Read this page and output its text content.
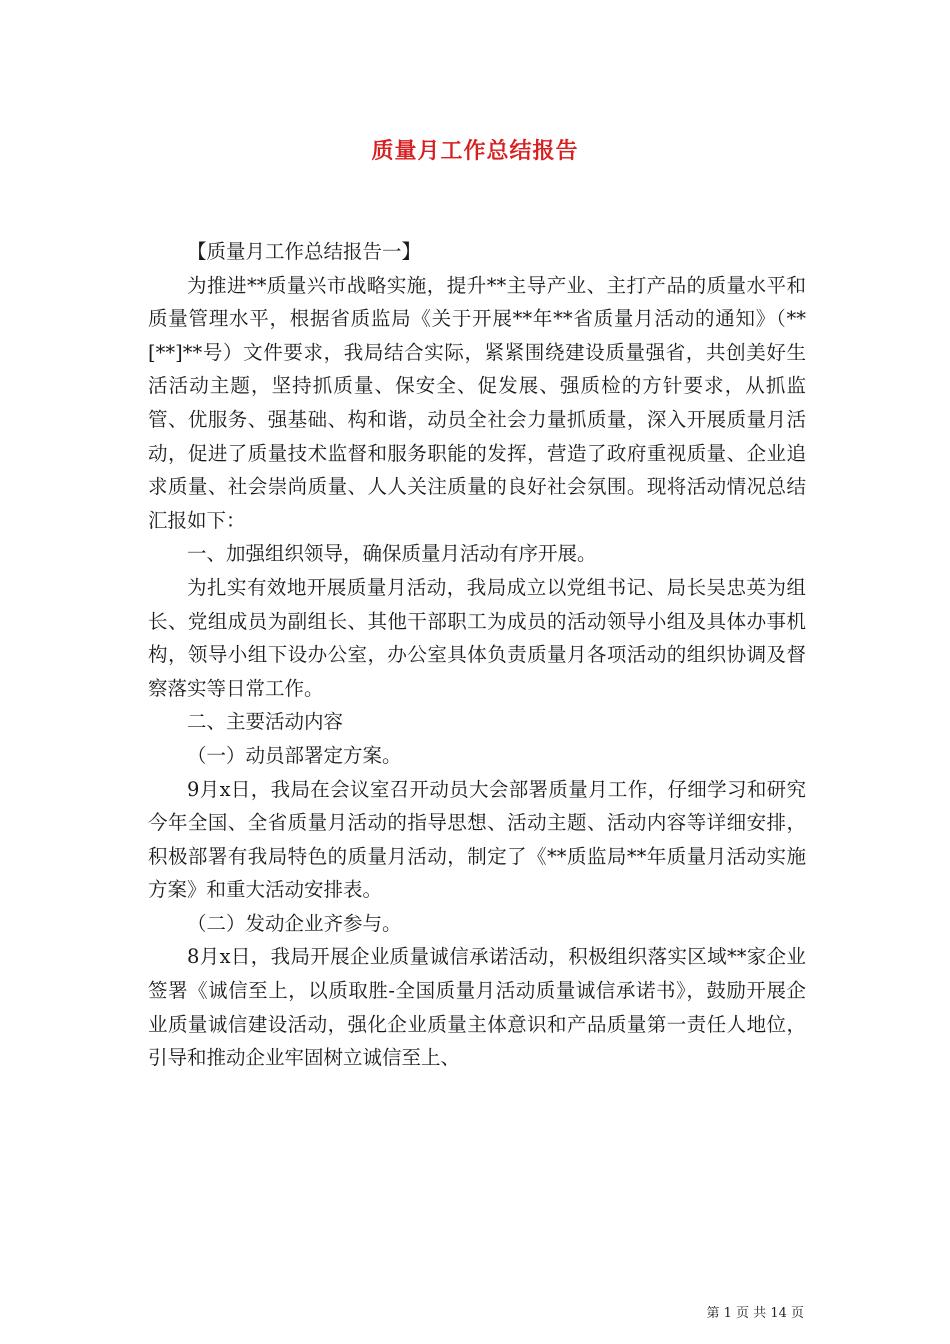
质量月工作总结报告

【质量月工作总结报告一】

为推进**质量兴市战略实施，提升**主导产业、主打产品的质量水平和质量管理水平，根据省质监局《关于开展**年**省质量月活动的通知》（**[**]**号）文件要求，我局结合实际，紧紧围绕建设质量强省，共创美好生活活动主题，坚持抓质量、保安全、促发展、强质检的方针要求，从抓监管、优服务、强基础、构和谐，动员全社会力量抓质量，深入开展质量月活动，促进了质量技术监督和服务职能的发挥，营造了政府重视质量、企业追求质量、社会崇尚质量、人人关注质量的良好社会氛围。现将活动情况总结汇报如下：

一、加强组织领导，确保质量月活动有序开展。

为扎实有效地开展质量月活动，我局成立以党组书记、局长吴忠英为组长、党组成员为副组长、其他干部职工为成员的活动领导小组及具体办事机构，领导小组下设办公室，办公室具体负责质量月各项活动的组织协调及督察落实等日常工作。

二、主要活动内容

（一）动员部署定方案。

9月x日，我局在会议室召开动员大会部署质量月工作，仔细学习和研究今年全国、全省质量月活动的指导思想、活动主题、活动内容等详细安排，积极部署有我局特色的质量月活动，制定了《**质监局**年质量月活动实施方案》和重大活动安排表。

（二）发动企业齐参与。

8月x日，我局开展企业质量诚信承诺活动，积极组织落实区域**家企业签署《诚信至上，以质取胜-全国质量月活动质量诚信承诺书》，鼓励开展企业质量诚信建设活动，强化企业质量主体意识和产品质量第一责任人地位，引导和推动企业牢固树立诚信至上、

第 1 页 共 14 页
